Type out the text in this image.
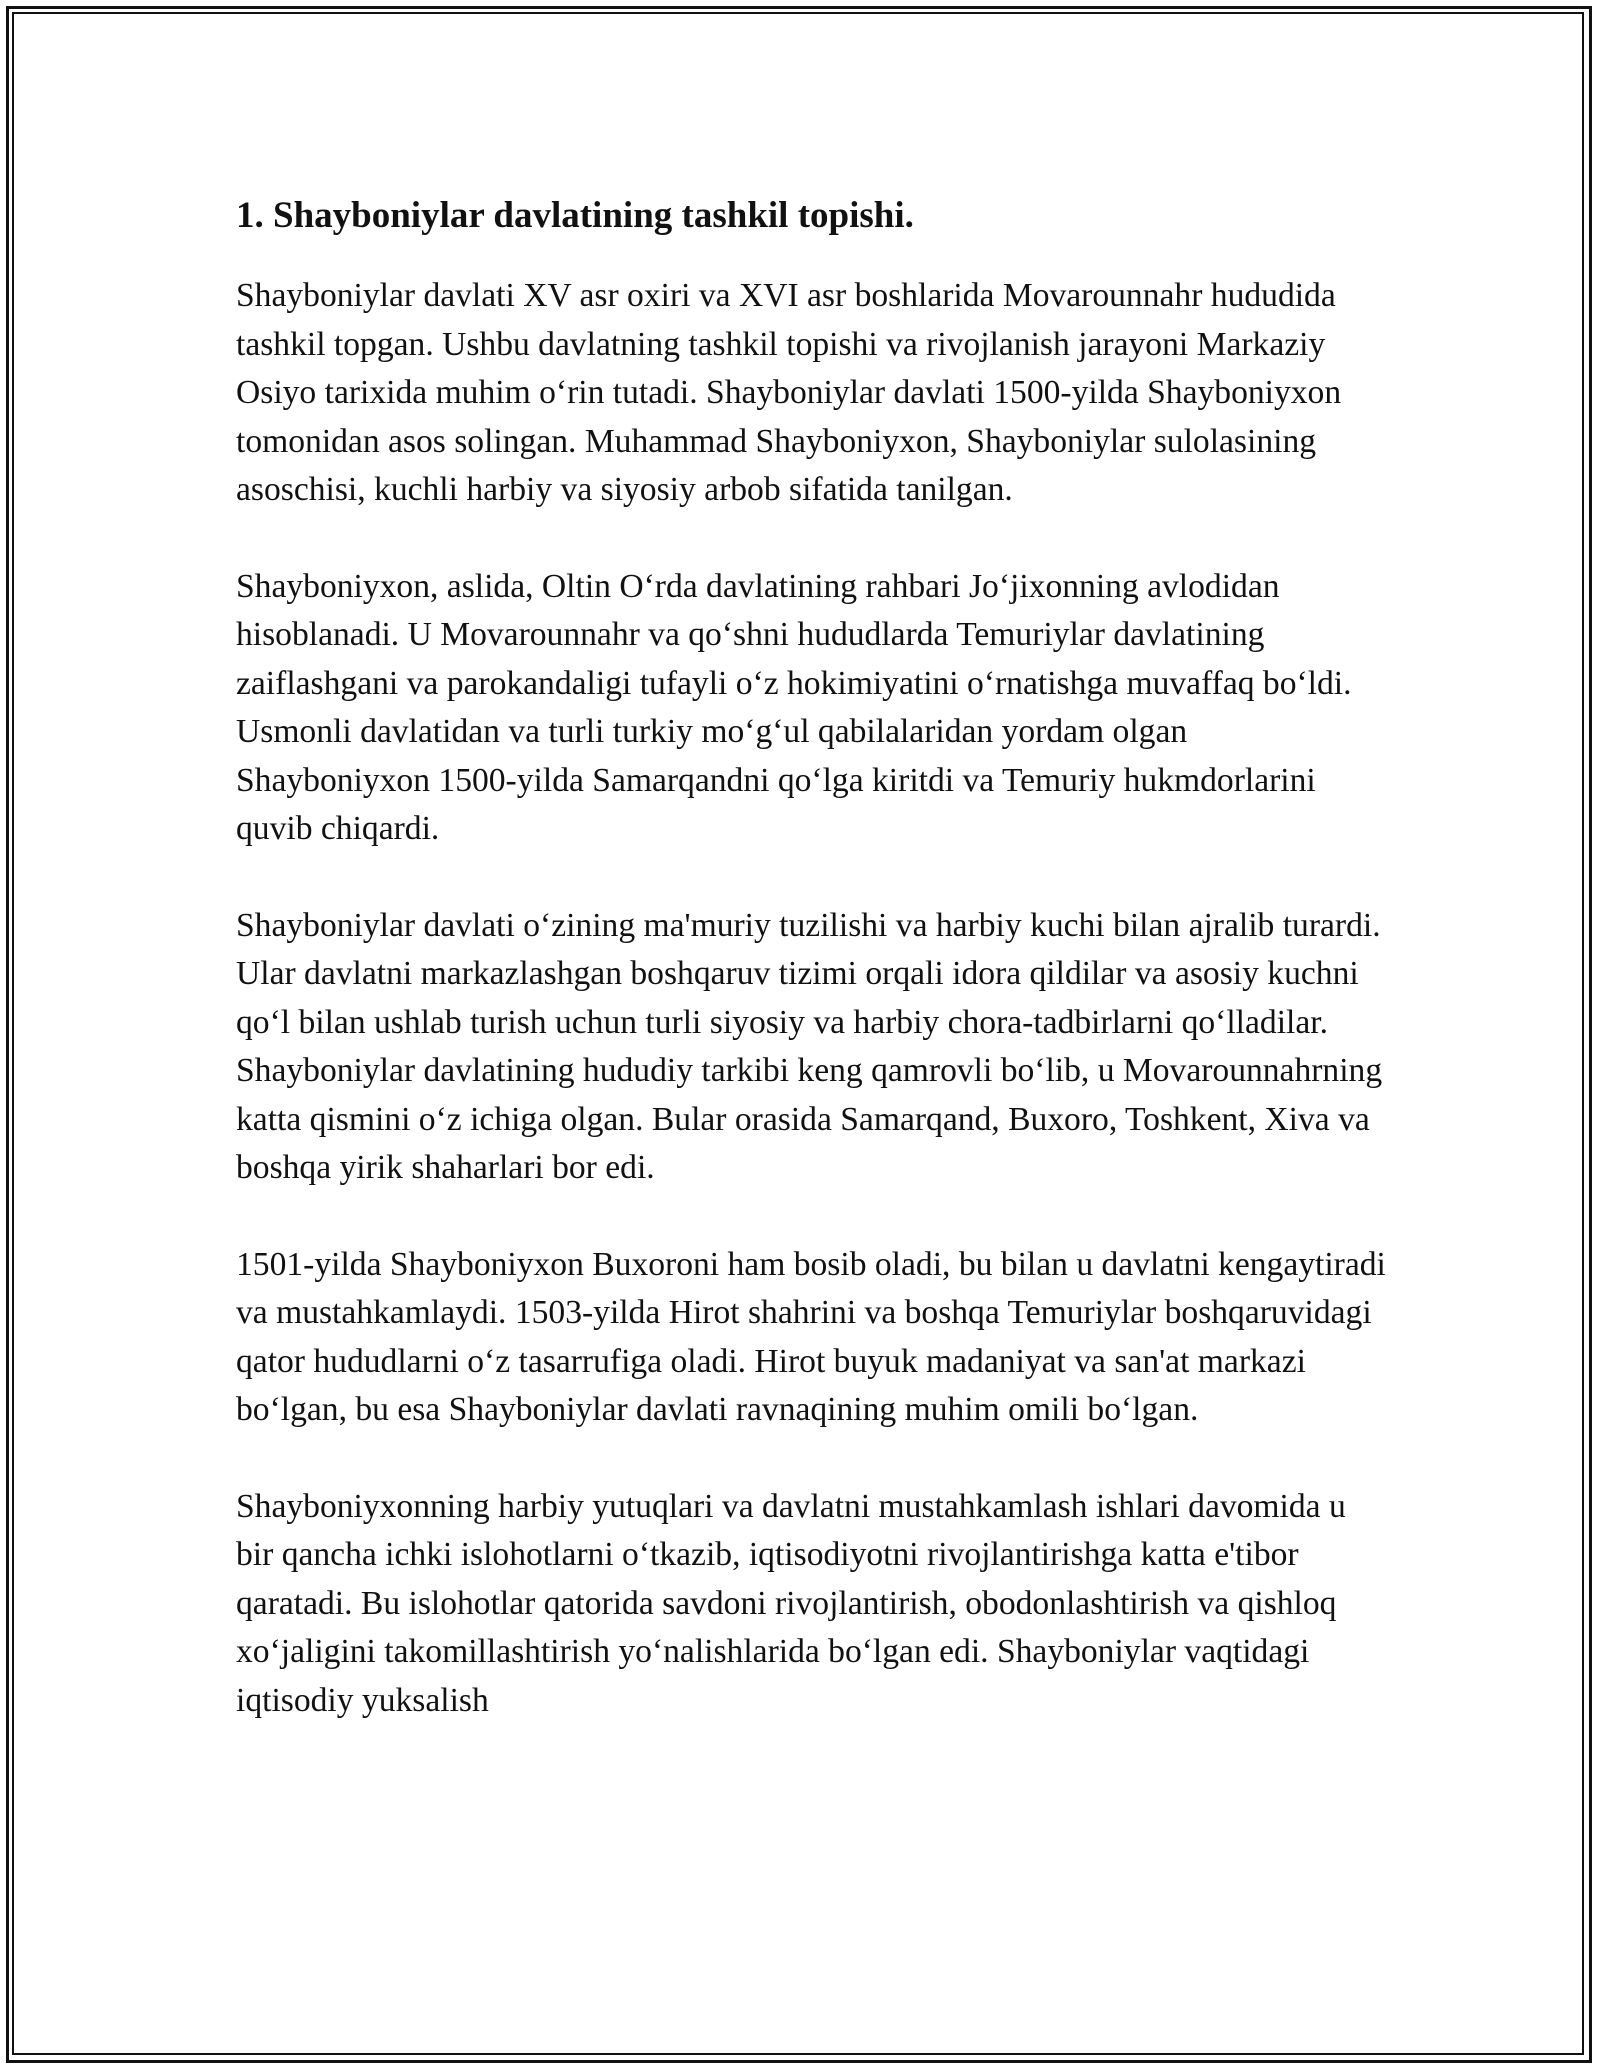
1. Shayboniylar davlatining tashkil topishi.

Shayboniylar davlati XV asr oxiri va XVI asr boshlarida Movarounnahr hududida tashkil topgan. Ushbu davlatning tashkil topishi va rivojlanish jarayoni Markaziy Osiyo tarixida muhim o‘rin tutadi. Shayboniylar davlati 1500-yilda Shayboniyxon tomonidan asos solingan. Muhammad Shayboniyxon, Shayboniylar sulolasining asoschisi, kuchli harbiy va siyosiy arbob sifatida tanilgan.

Shayboniyxon, aslida, Oltin O‘rda davlatining rahbari Jo‘jixonning avlodidan hisoblanadi. U Movarounnahr va qo‘shni hududlarda Temuriylar davlatining zaiflashgani va parokandaligi tufayli o‘z hokimiyatini o‘rnatishga muvaffaq bo‘ldi. Usmonli davlatidan va turli turkiy mo‘g‘ul qabilalaridan yordam olgan Shayboniyxon 1500-yilda Samarqandni qo‘lga kiritdi va Temuriy hukmdorlarini quvib chiqardi.

Shayboniylar davlati o‘zining ma'muriy tuzilishi va harbiy kuchi bilan ajralib turardi. Ular davlatni markazlashgan boshqaruv tizimi orqali idora qildilar va asosiy kuchni qo‘l bilan ushlab turish uchun turli siyosiy va harbiy chora-tadbirlarni qo‘lladilar. Shayboniylar davlatining hududiy tarkibi keng qamrovli bo‘lib, u Movarounnahrning katta qismini o‘z ichiga olgan. Bular orasida Samarqand, Buxoro, Toshkent, Xiva va boshqa yirik shaharlari bor edi.

1501-yilda Shayboniyxon Buxoroni ham bosib oladi, bu bilan u davlatni kengaytiradi va mustahkamlaydi. 1503-yilda Hirot shahrini va boshqa Temuriylar boshqaruvidagi qator hududlarni o‘z tasarrufiga oladi. Hirot buyuk madaniyat va san'at markazi bo‘lgan, bu esa Shayboniylar davlati ravnaqining muhim omili bo‘lgan.

Shayboniyxonning harbiy yutuqlari va davlatni mustahkamlash ishlari davomida u bir qancha ichki islohotlarni o‘tkazib, iqtisodiyotni rivojlantirishga katta e'tibor qaratadi. Bu islohotlar qatorida savdoni rivojlantirish, obodonlashtirish va qishloq xo‘jaligini takomillashtirish yo‘nalishlarida bo‘lgan edi. Shayboniylar vaqtidagi iqtisodiy yuksalish
